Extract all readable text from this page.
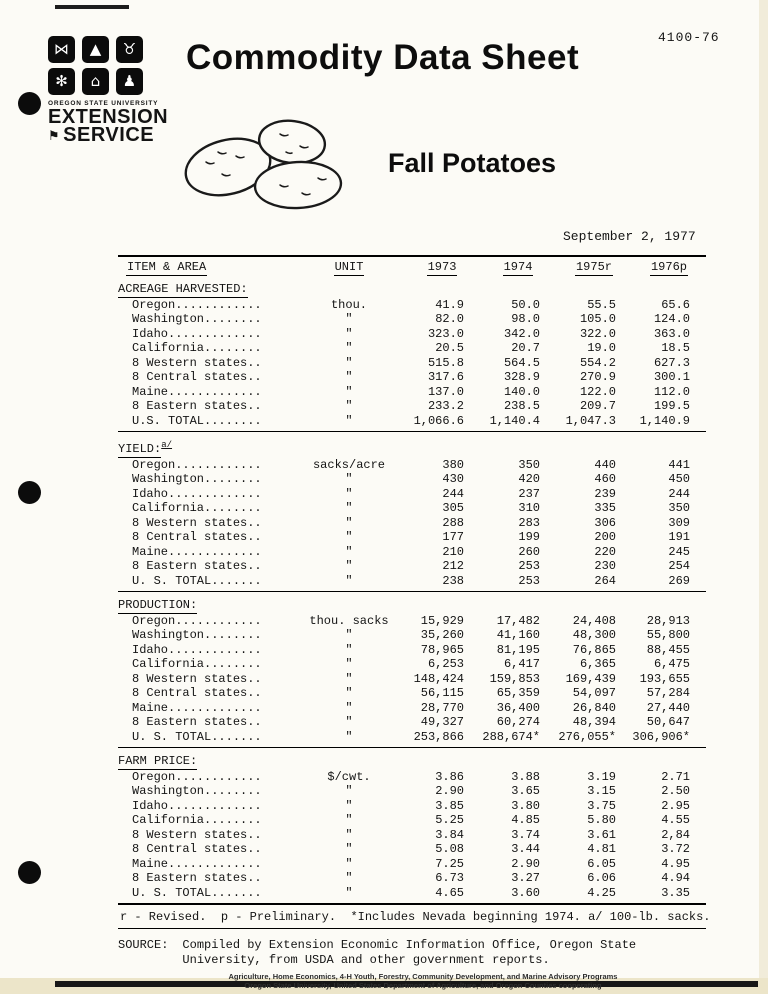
4100-76
⋈	▲	♉
✻	⌂	♟
OREGON STATE UNIVERSITY
EXTENSION
⚑ SERVICE
Commodity Data Sheet
Fall Potatoes
September 2, 1977
ITEM & AREA	UNIT	1973	1974	1975r	1976p
ACREAGE HARVESTED:					
Oregon............	thou.	41.9	50.0	55.5	65.6
Washington........	"	82.0	98.0	105.0	124.0
Idaho.............	"	323.0	342.0	322.0	363.0
California........	"	20.5	20.7	19.0	18.5
8 Western states..	"	515.8	564.5	554.2	627.3
8 Central states..	"	317.6	328.9	270.9	300.1
Maine.............	"	137.0	140.0	122.0	112.0
8 Eastern states..	"	233.2	238.5	209.7	199.5
U.S. TOTAL........	"	1,066.6	1,140.4	1,047.3	1,140.9
YIELD:$^{a/}$
Oregon............	sacks/acre	380	350	440	441
Washington........	"	430	420	460	450
Idaho.............	"	244	237	239	244
California........	"	305	310	335	350
8 Western states..	"	288	283	306	309
8 Central states..	"	177	199	200	191
Maine.............	"	210	260	220	245
8 Eastern states..	"	212	253	230	254
U. S. TOTAL.......	"	238	253	264	269
PRODUCTION:					
Oregon............	thou. sacks	15,929	17,482	24,408	28,913
Washington........	"	35,260	41,160	48,300	55,800
Idaho.............	"	78,965	81,195	76,865	88,455
California........	"	6,253	6,417	6,365	6,475
8 Western states..	"	148,424	159,853	169,439	193,655
8 Central states..	"	56,115	65,359	54,097	57,284
Maine.............	"	28,770	36,400	26,840	27,440
8 Eastern states..	"	49,327	60,274	48,394	50,647
U. S. TOTAL.......	"	253,866	288,674*	276,055*	306,906*
FARM PRICE:					
Oregon............	$/cwt.	3.86	3.88	3.19	2.71
Washington........	"	2.90	3.65	3.15	2.50
Idaho.............	"	3.85	3.80	3.75	2.95
California........	"	5.25	4.85	5.80	4.55
8 Western states..	"	3.84	3.74	3.61	2,84
8 Central states..	"	5.08	3.44	4.81	3.72
Maine.............	"	7.25	2.90	6.05	4.95
8 Eastern states..	"	6.73	3.27	6.06	4.94
U. S. TOTAL.......	"	4.65	3.60	4.25	3.35
r - Revised.  p - Preliminary.  *Includes Nevada beginning 1974. a/ 100-lb. sacks.
SOURCE: Compiled by Extension Economic Information Office, Oregon State University, from USDA and other government reports.
Agriculture, Home Economics, 4-H Youth, Forestry, Community Development, and Marine Advisory Programs
Oregon State University, United States Department of Agriculture, and Oregon Counties cooperating
